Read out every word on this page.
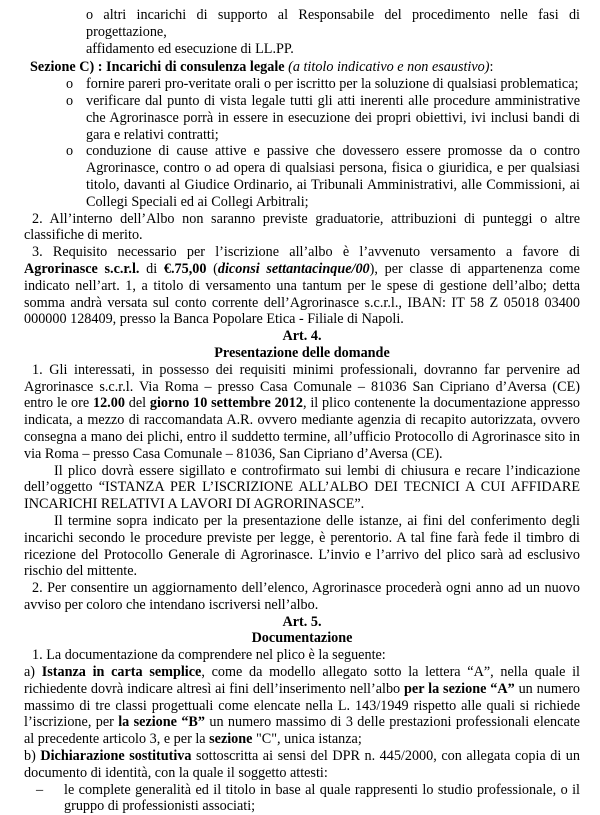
o altri incarichi di supporto al Responsabile del procedimento nelle fasi di progettazione,

affidamento ed esecuzione di LL.PP.

Sezione C) : Incarichi di consulenza legale (a titolo indicativo e non esaustivo):

o fornire pareri pro-veritate orali o per iscritto per la soluzione di qualsiasi problematica;

o verificare dal punto di vista legale tutti gli atti inerenti alle procedure amministrative che Agrorinasce porrà in essere in esecuzione dei propri obiettivi, ivi inclusi bandi di gara e relativi contratti;

o conduzione di cause attive e passive che dovessero essere promosse da o contro Agrorinasce, contro o ad opera di qualsiasi persona, fisica o giuridica, e per qualsiasi titolo, davanti al Giudice Ordinario, ai Tribunali Amministrativi, alle Commissioni, ai Collegi Speciali ed ai Collegi Arbitrali;

2. All’interno dell’Albo non saranno previste graduatorie, attribuzioni di punteggi o altre classifiche di merito.

3. Requisito necessario per l’iscrizione all’albo è l’avvenuto versamento a favore di Agrorinasce s.c.r.l. di €.75,00 (diconsi settantacinque/00), per classe di appartenenza come indicato nell’art. 1, a titolo di versamento una tantum per le spese di gestione dell’albo; detta somma andrà versata sul conto corrente dell’Agrorinasce s.c.r.l., IBAN: IT 58 Z 05018 03400 000000 128409, presso la Banca Popolare Etica - Filiale di Napoli.

Art. 4.

Presentazione delle domande

1. Gli interessati, in possesso dei requisiti minimi professionali, dovranno far pervenire ad Agrorinasce s.c.r.l. Via Roma – presso Casa Comunale – 81036 San Cipriano d’Aversa (CE) entro le ore 12.00 del giorno 10 settembre 2012, il plico contenente la documentazione appresso indicata, a mezzo di raccomandata A.R. ovvero mediante agenzia di recapito autorizzata, ovvero consegna a mano dei plichi, entro il suddetto termine, all’ufficio Protocollo di Agrorinasce sito in via Roma – presso Casa Comunale – 81036, San Cipriano d’Aversa (CE).

Il plico dovrà essere sigillato e controfirmato sui lembi di chiusura e recare l’indicazione dell’oggetto “ISTANZA PER L’ISCRIZIONE ALL’ALBO DEI TECNICI A CUI AFFIDARE INCARICHI RELATIVI A LAVORI DI AGRORINASCE”.

Il termine sopra indicato per la presentazione delle istanze, ai fini del conferimento degli incarichi secondo le procedure previste per legge, è perentorio. A tal fine farà fede il timbro di ricezione del Protocollo Generale di Agrorinasce. L’invio e l’arrivo del plico sarà ad esclusivo rischio del mittente.

2. Per consentire un aggiornamento dell’elenco, Agrorinasce procederà ogni anno ad un nuovo avviso per coloro che intendano iscriversi nell’albo.

Art. 5.

Documentazione

1. La documentazione da comprendere nel plico è la seguente:

a) Istanza in carta semplice, come da modello allegato sotto la lettera “A”, nella quale il richiedente dovrà indicare altresì ai fini dell’inserimento nell’albo per la sezione “A” un numero massimo di tre classi progettuali come elencate nella L. 143/1949 rispetto alle quali si richiede l’iscrizione, per la sezione “B” un numero massimo di 3 delle prestazioni professionali elencate al precedente articolo 3, e per la sezione "C", unica istanza;

b) Dichiarazione sostitutiva sottoscritta ai sensi del DPR n. 445/2000, con allegata copia di un documento di identità, con la quale il soggetto attesti:

– le complete generalità ed il titolo in base al quale rappresenti lo studio professionale, o il gruppo di professionisti associati;
